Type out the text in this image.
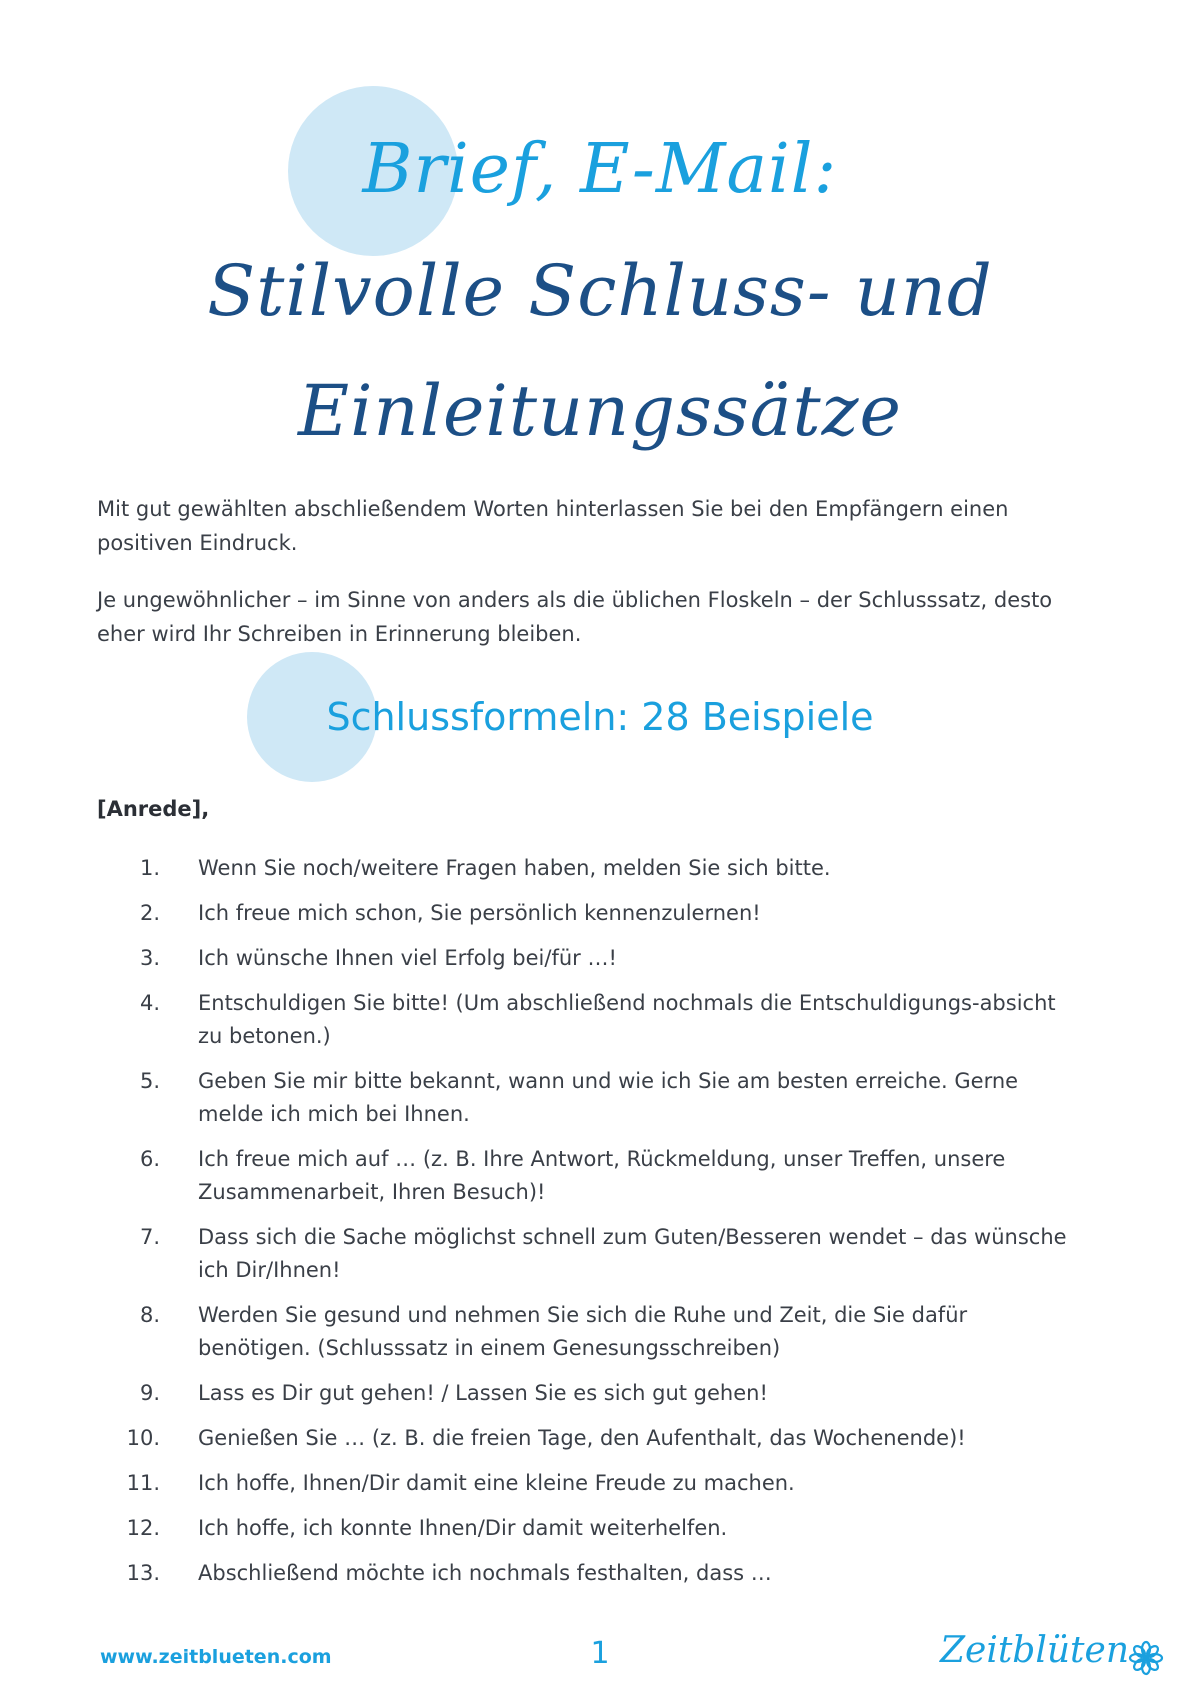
Brief, E-Mail:
Stilvolle Schluss- und
Einleitungssätze
Mit gut gewählten abschließendem Worten hinterlassen Sie bei den Empfängern einen positiven Eindruck.
Je ungewöhnlicher – im Sinne von anders als die üblichen Floskeln – der Schlusssatz, desto eher wird Ihr Schreiben in Erinnerung bleiben.
Schlussformeln: 28 Beispiele
[Anrede],
1. Wenn Sie noch/weitere Fragen haben, melden Sie sich bitte.
2. Ich freue mich schon, Sie persönlich kennenzulernen!
3. Ich wünsche Ihnen viel Erfolg bei/für …!
4. Entschuldigen Sie bitte! (Um abschließend nochmals die Entschuldigungs-absicht zu betonen.)
5. Geben Sie mir bitte bekannt, wann und wie ich Sie am besten erreiche. Gerne melde ich mich bei Ihnen.
6. Ich freue mich auf … (z. B. Ihre Antwort, Rückmeldung, unser Treffen, unsere Zusammenarbeit, Ihren Besuch)!
7. Dass sich die Sache möglichst schnell zum Guten/Besseren wendet – das wünsche ich Dir/Ihnen!
8. Werden Sie gesund und nehmen Sie sich die Ruhe und Zeit, die Sie dafür benötigen. (Schlusssatz in einem Genesungsschreiben)
9. Lass es Dir gut gehen! / Lassen Sie es sich gut gehen!
10. Genießen Sie … (z. B. die freien Tage, den Aufenthalt, das Wochenende)!
11. Ich hoffe, Ihnen/Dir damit eine kleine Freude zu machen.
12. Ich hoffe, ich konnte Ihnen/Dir damit weiterhelfen.
13. Abschließend möchte ich nochmals festhalten, dass …
www.zeitblueten.com	1	Zeitblüten
